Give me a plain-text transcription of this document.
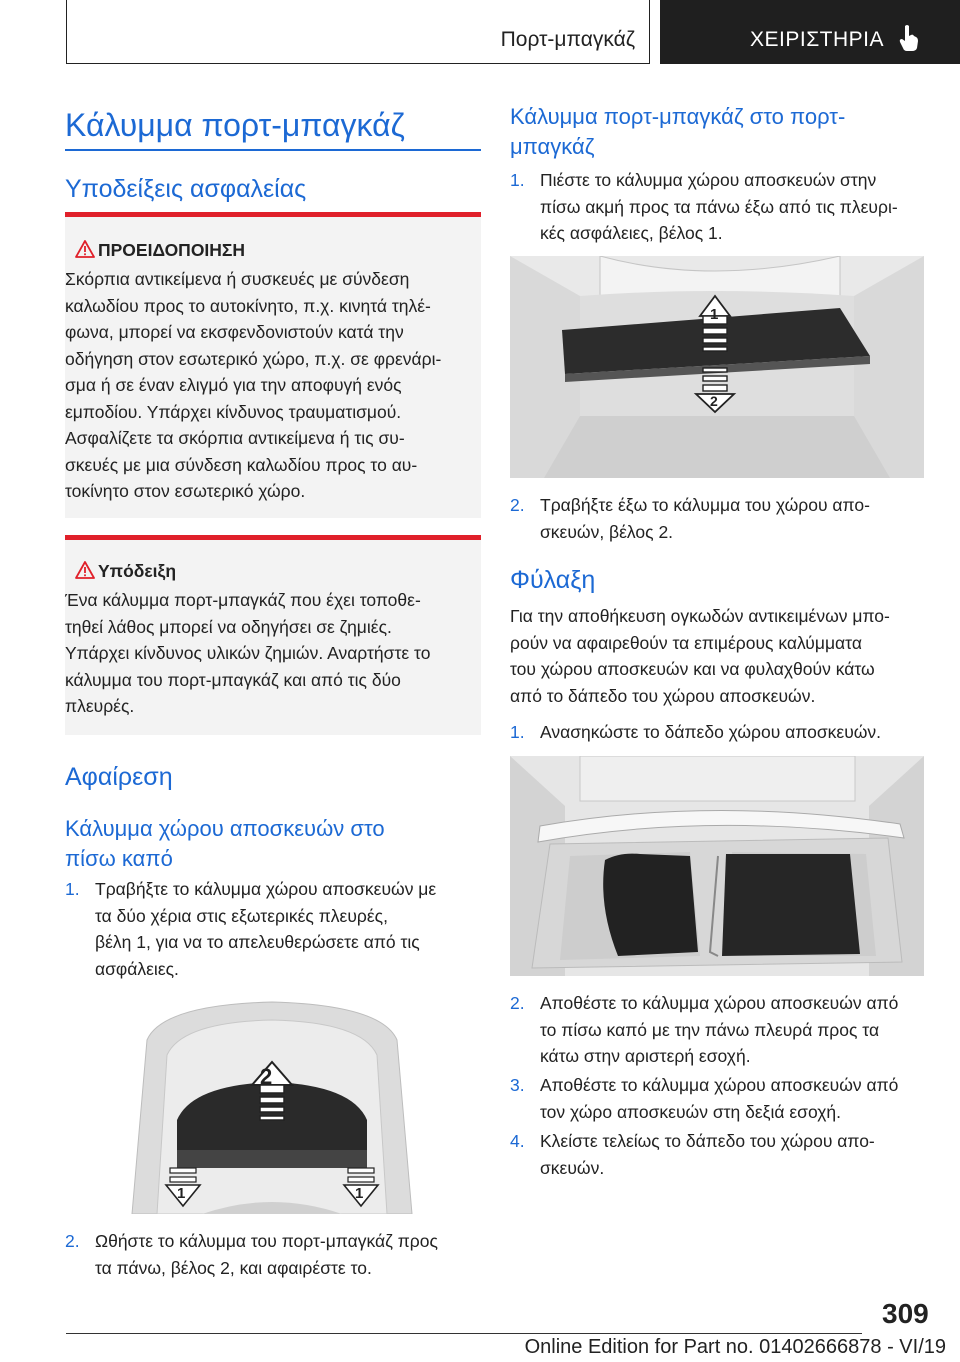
Πορτ-μπαγκάζ	ΧΕΙΡΙΣΤΗΡΙΑ
Κάλυμμα πορτ-μπαγκάζ
Υποδείξεις ασφαλείας
ΠΡΟΕΙΔΟΠΟΙΗΣΗ
Σκόρπια αντικείμενα ή συσκευές με σύνδεση
καλωδίου προς το αυτοκίνητο, π.χ. κινητά τηλέ-
φωνα, μπορεί να εκσφενδονιστούν κατά την
οδήγηση στον εσωτερικό χώρο, π.χ. σε φρενάρι-
σμα ή σε έναν ελιγμό για την αποφυγή ενός
εμποδίου. Υπάρχει κίνδυνος τραυματισμού.
Ασφαλίζετε τα σκόρπια αντικείμενα ή τις συ-
σκευές με μια σύνδεση καλωδίου προς το αυ-
τοκίνητο στον εσωτερικό χώρο.
Υπόδειξη
Ένα κάλυμμα πορτ-μπαγκάζ που έχει τοποθε-
τηθεί λάθος μπορεί να οδηγήσει σε ζημιές.
Υπάρχει κίνδυνος υλικών ζημιών. Αναρτήστε το
κάλυμμα του πορτ-μπαγκάζ και από τις δύο
πλευρές.
Αφαίρεση
Κάλυμμα χώρου αποσκευών στο
πίσω καπό
1. Τραβήξτε το κάλυμμα χώρου αποσκευών με
τα δύο χέρια στις εξωτερικές πλευρές,
βέλη 1, για να το απελευθερώσετε από τις
ασφάλειες.
2
1	1
2. Ωθήστε το κάλυμμα του πορτ-μπαγκάζ προς
τα πάνω, βέλος 2, και αφαιρέστε το.
Κάλυμμα πορτ-μπαγκάζ στο πορτ-
μπαγκάζ
1. Πιέστε το κάλυμμα χώρου αποσκευών στην
πίσω ακμή προς τα πάνω έξω από τις πλευρι-
κές ασφάλειες, βέλος 1.
1
2
2. Τραβήξτε έξω το κάλυμμα του χώρου απο-
σκευών, βέλος 2.
Φύλαξη
Για την αποθήκευση ογκωδών αντικειμένων μπο-
ρούν να αφαιρεθούν τα επιμέρους καλύμματα
του χώρου αποσκευών και να φυλαχθούν κάτω
από το δάπεδο του χώρου αποσκευών.
1. Ανασηκώστε το δάπεδο χώρου αποσκευών.
2. Αποθέστε το κάλυμμα χώρου αποσκευών από
το πίσω καπό με την πάνω πλευρά προς τα
κάτω στην αριστερή εσοχή.
3. Αποθέστε το κάλυμμα χώρου αποσκευών από
τον χώρο αποσκευών στη δεξιά εσοχή.
4. Κλείστε τελείως το δάπεδο του χώρου απο-
σκευών.
309
Online Edition for Part no. 01402666878 - VI/19
